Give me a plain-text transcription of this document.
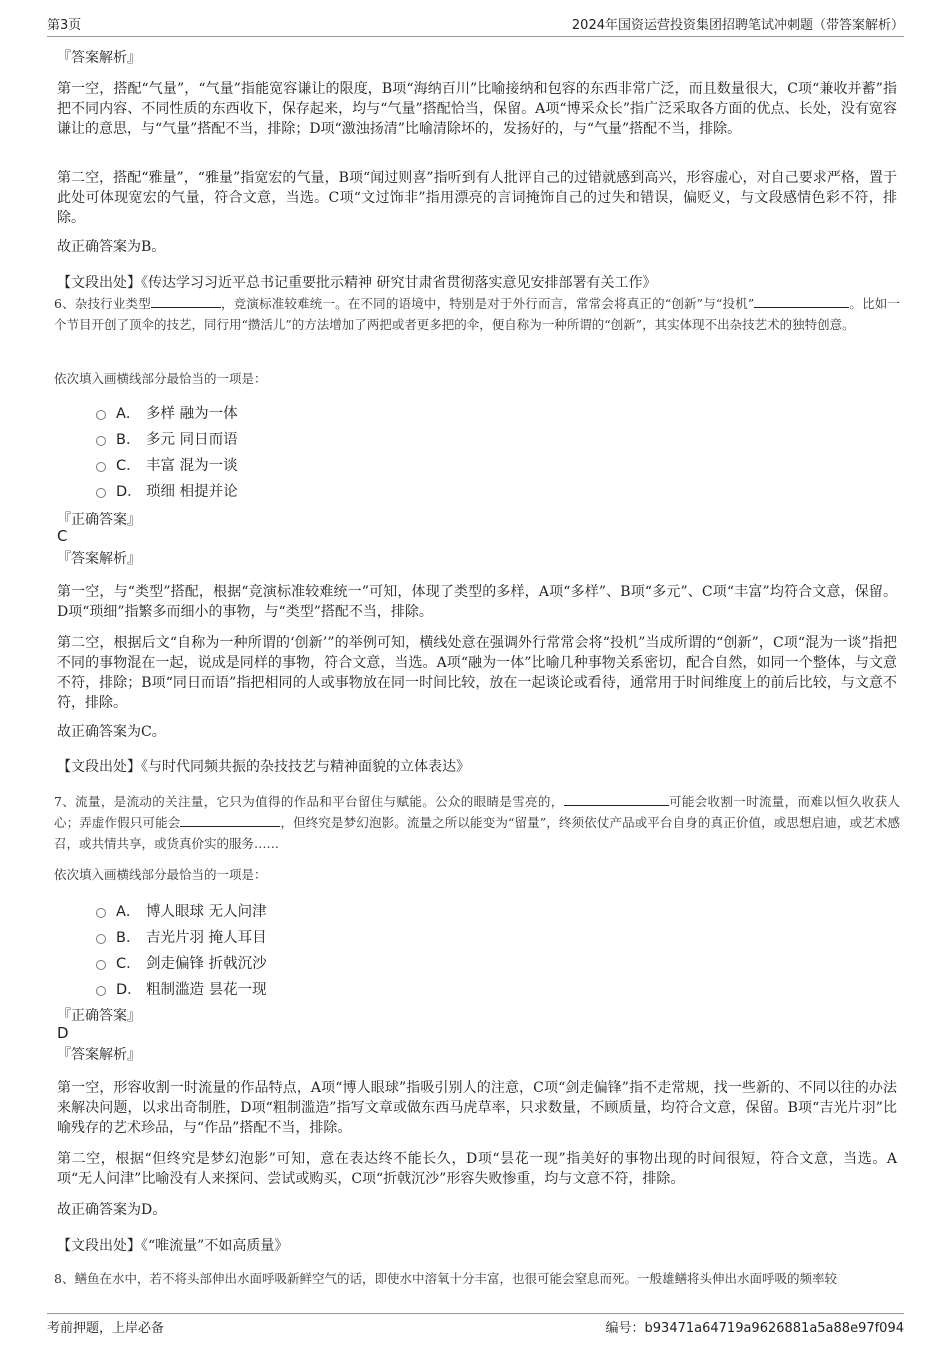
第3页	2024年国资运营投资集团招聘笔试冲刺题（带答案解析）

『答案解析』

第一空，搭配“气量”，“气量”指能宽容谦让的限度，B项“海纳百川”比喻接纳和包容的东西非常广泛，而且数量很大，C项“兼收并蓄”指把不同内容、不同性质的东西收下，保存起来，均与“气量”搭配恰当，保留。A项“博采众长”指广泛采取各方面的优点、长处，没有宽容谦让的意思，与“气量”搭配不当，排除；D项“激浊扬清”比喻清除坏的，发扬好的，与“气量”搭配不当，排除。

第二空，搭配“雅量”，“雅量”指宽宏的气量，B项“闻过则喜”指听到有人批评自己的过错就感到高兴，形容虚心，对自己要求严格，置于此处可体现宽宏的气量，符合文意，当选。C项“文过饰非”指用漂亮的言词掩饰自己的过失和错误，偏贬义，与文段感情色彩不符，排除。

故正确答案为B。

【文段出处】《传达学习习近平总书记重要批示精神 研究甘肃省贯彻落实意见安排部署有关工作》

6、杂技行业类型	，竞演标准较难统一。在不同的语境中，特别是对于外行而言，常常会将真正的“创新”与“投机”	。比如一个节目开创了顶伞的技艺，同行用“攒活儿”的方法增加了两把或者更多把的伞，便自称为一种所谓的“创新”，其实体现不出杂技艺术的独特创意。

依次填入画横线部分最恰当的一项是：

A． 多样 融为一体
B． 多元 同日而语
C． 丰富 混为一谈
D． 琐细 相提并论

『正确答案』

C

『答案解析』

第一空，与“类型”搭配，根据“竞演标准较难统一”可知，体现了类型的多样，A项“多样”、B项“多元”、C项“丰富”均符合文意，保留。D项“琐细”指繁多而细小的事物，与“类型”搭配不当，排除。

第二空，根据后文“自称为一种所谓的‘创新’”的举例可知，横线处意在强调外行常常会将“投机”当成所谓的“创新”，C项“混为一谈”指把不同的事物混在一起，说成是同样的事物，符合文意，当选。A项“融为一体”比喻几种事物关系密切，配合自然，如同一个整体，与文意不符，排除；B项“同日而语”指把相同的人或事物放在同一时间比较，放在一起谈论或看待，通常用于时间维度上的前后比较，与文意不符，排除。

故正确答案为C。

【文段出处】《与时代同频共振的杂技技艺与精神面貌的立体表达》

7、流量，是流动的关注量，它只为值得的作品和平台留住与赋能。公众的眼睛是雪亮的，	可能会收割一时流量，而难以恒久收获人心；弄虚作假只可能会	，但终究是梦幻泡影。流量之所以能变为“留量”，终须依仗产品或平台自身的真正价值，或思想启迪，或艺术感召，或共情共享，或货真价实的服务……

依次填入画横线部分最恰当的一项是：

A． 博人眼球 无人问津
B． 吉光片羽 掩人耳目
C． 剑走偏锋 折戟沉沙
D． 粗制滥造 昙花一现

『正确答案』

D

『答案解析』

第一空，形容收割一时流量的作品特点，A项“博人眼球”指吸引别人的注意，C项“剑走偏锋”指不走常规，找一些新的、不同以往的办法来解决问题，以求出奇制胜，D项“粗制滥造”指写文章或做东西马虎草率，只求数量，不顾质量，均符合文意，保留。B项“吉光片羽”比喻残存的艺术珍品，与“作品”搭配不当，排除。

第二空，根据“但终究是梦幻泡影”可知，意在表达终不能长久，D项“昙花一现”指美好的事物出现的时间很短，符合文意，当选。A项“无人问津”比喻没有人来探问、尝试或购买，C项“折戟沉沙”形容失败惨重，均与文意不符，排除。

故正确答案为D。

【文段出处】《“唯流量”不如高质量》

8、鳝鱼在水中，若不将头部伸出水面呼吸新鲜空气的话，即使水中溶氧十分丰富，也很可能会窒息而死。一般雄鳝将头伸出水面呼吸的频率较

考前押题，上岸必备	编号：b93471a64719a9626881a5a88e97f094
